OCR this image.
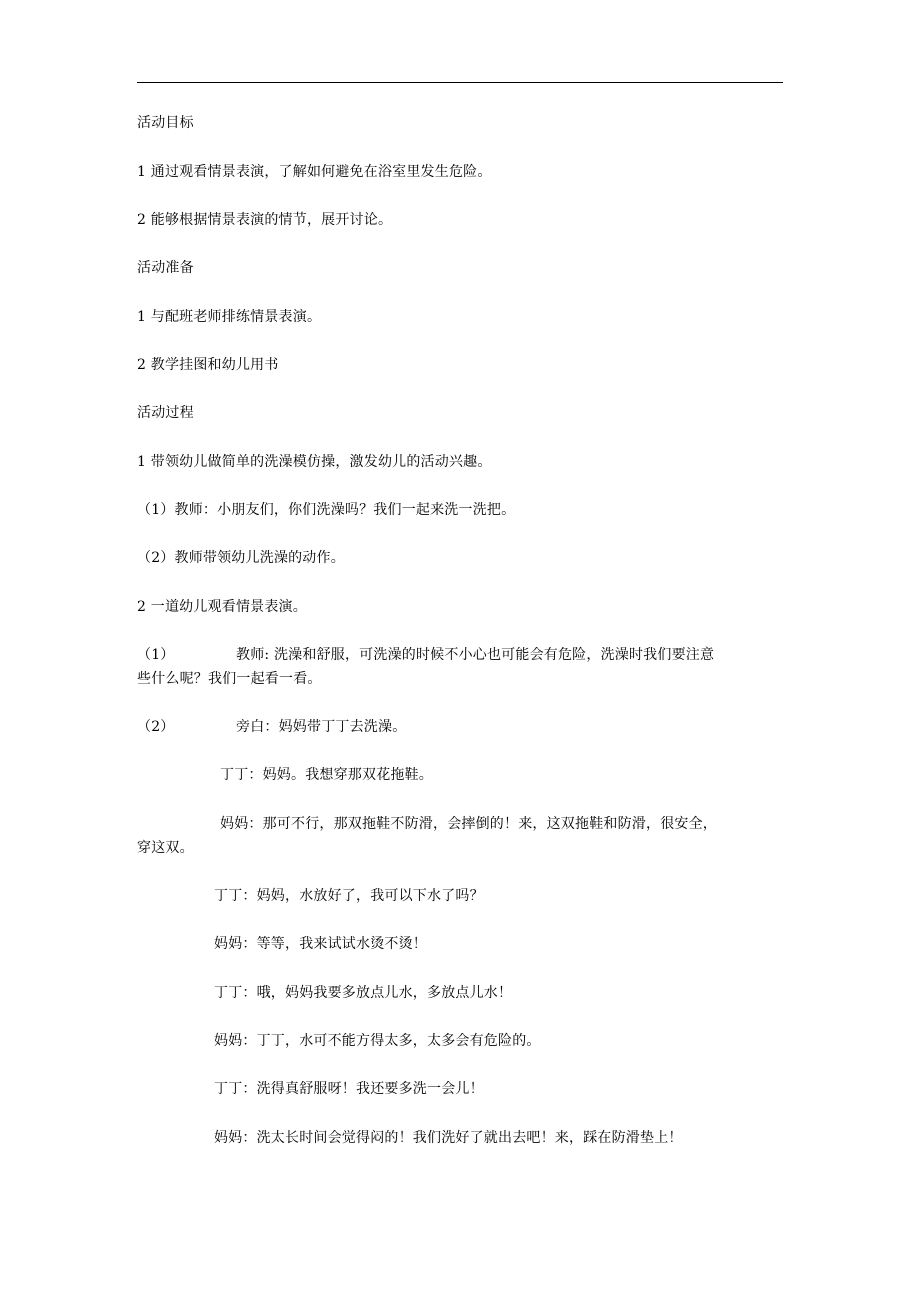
活动目标
1 通过观看情景表演，了解如何避免在浴室里发生危险。
2 能够根据情景表演的情节，展开讨论。
活动准备
1 与配班老师排练情景表演。
2 教学挂图和幼儿用书
活动过程
1 带领幼儿做简单的洗澡模仿操，激发幼儿的活动兴趣。
（1）教师：小朋友们，你们洗澡吗？我们一起来洗一洗把。
（2）教师带领幼儿洗澡的动作。
2 一道幼儿观看情景表演。
（1）	教师: 洗澡和舒服，可洗澡的时候不小心也可能会有危险，洗澡时我们要注意
些什么呢？我们一起看一看。
（2）	旁白：妈妈带丁丁去洗澡。
丁丁：妈妈。我想穿那双花拖鞋。
妈妈：那可不行，那双拖鞋不防滑，会摔倒的！来，这双拖鞋和防滑，很安全，
穿这双。
丁丁：妈妈，水放好了，我可以下水了吗？
妈妈：等等，我来试试水烫不烫！
丁丁：哦，妈妈我要多放点儿水，多放点儿水！
妈妈：丁丁，水可不能方得太多，太多会有危险的。
丁丁：洗得真舒服呀！我还要多洗一会儿！
妈妈：洗太长时间会觉得闷的！我们洗好了就出去吧！来，踩在防滑垫上！
